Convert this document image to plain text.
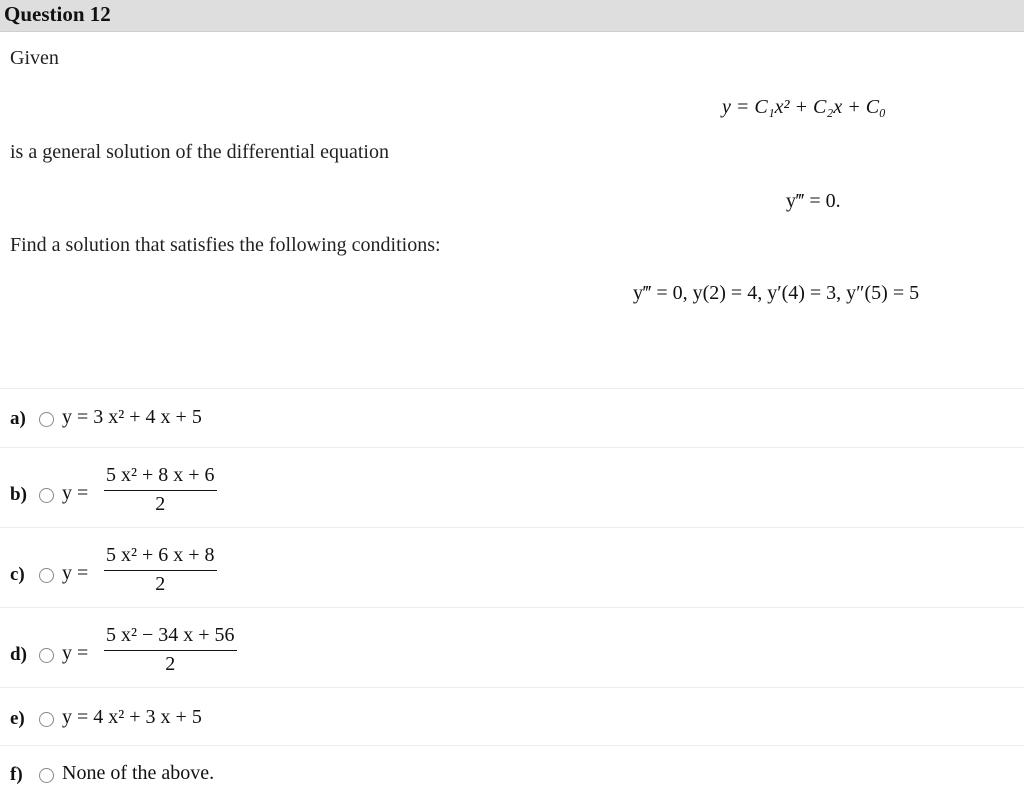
Question 12
Given
y = C₁x² + C₂x + C₀
is a general solution of the differential equation
y‴ = 0.
Find a solution that satisfies the following conditions:
y‴ = 0, y(2) = 4, y′(4) = 3, y″(5) = 5
a) y = 3 x² + 4 x + 5
b) $y = \frac{\text{5 x² + 8 x + 6}}{2}$
c) $y = \frac{\text{5 x² + 6 x + 8}}{2}$
d) $y = \frac{\text{5 x² − 34 x + 56}}{2}$
e) y = 4 x² + 3 x + 5
f) None of the above.
